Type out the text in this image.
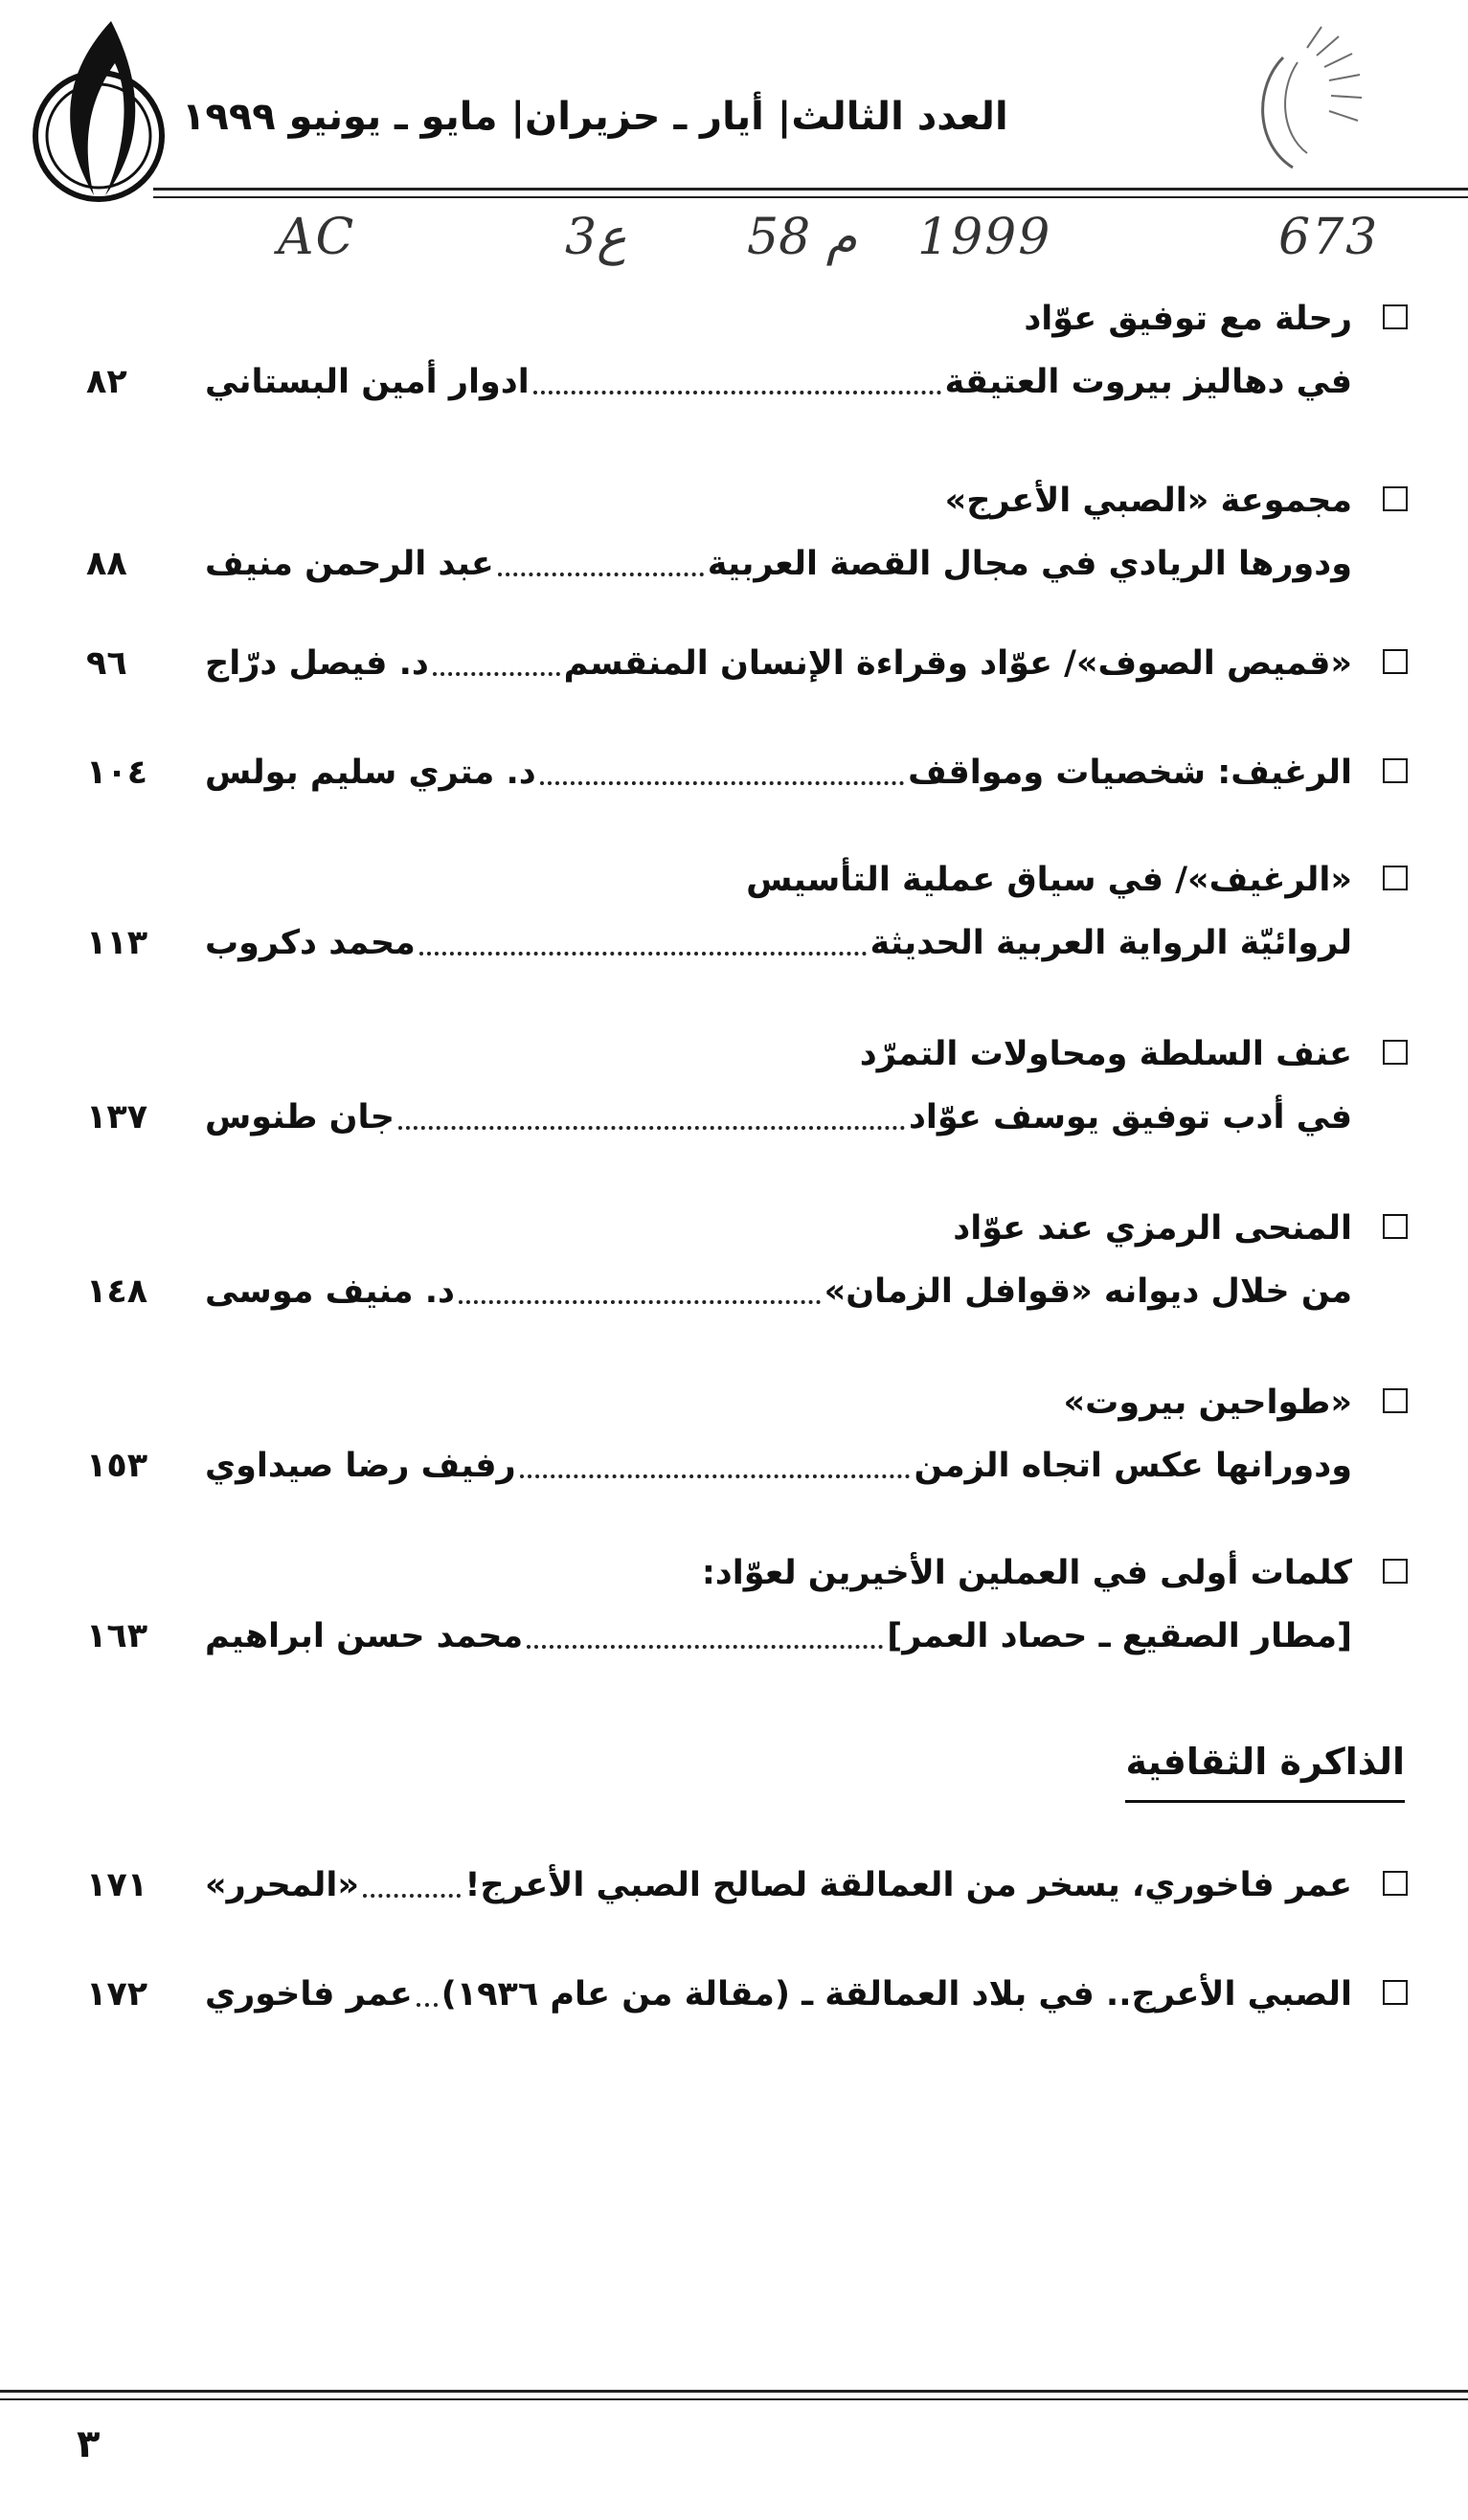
العدد الثالث| أيار ـ حزيران| مايو ـ يونيو ١٩٩٩
AC	3ع 58 م 1999	673
رحلة مع توفيق عوّاد
في دهاليز بيروت العتيقة
ادوار أمين البستاني
٨٢
مجموعة «الصبي الأعرج»
ودورها الريادي في مجال القصة العربية
عبد الرحمن منيف
٨٨
«قميص الصوف»/ عوّاد وقراءة الإنسان المنقسم
د. فيصل درّاج
٩٦
الرغيف: شخصيات ومواقف
د. متري سليم بولس
١٠٤
«الرغيف»/ في سياق عملية التأسيس
لروائيّة الرواية العربية الحديثة
محمد دكروب
١١٣
عنف السلطة ومحاولات التمرّد
في أدب توفيق يوسف عوّاد
جان طنوس
١٣٧
المنحى الرمزي عند عوّاد
من خلال ديوانه «قوافل الزمان»
د. منيف موسى
١٤٨
«طواحين بيروت»
ودورانها عكس اتجاه الزمن
رفيف رضا صيداوي
١٥٣
كلمات أولى في العملين الأخيرين لعوّاد:
[مطار الصقيع ـ حصاد العمر]
محمد حسن ابراهيم
١٦٣
الذاكرة الثقافية
عمر فاخوري، يسخر من العمالقة لصالح الصبي الأعرج!
«المحرر»
١٧١
الصبي الأعرج.. في بلاد العمالقة ـ (مقالة من عام ١٩٣٦)
عمر فاخوري
١٧٢
٣
